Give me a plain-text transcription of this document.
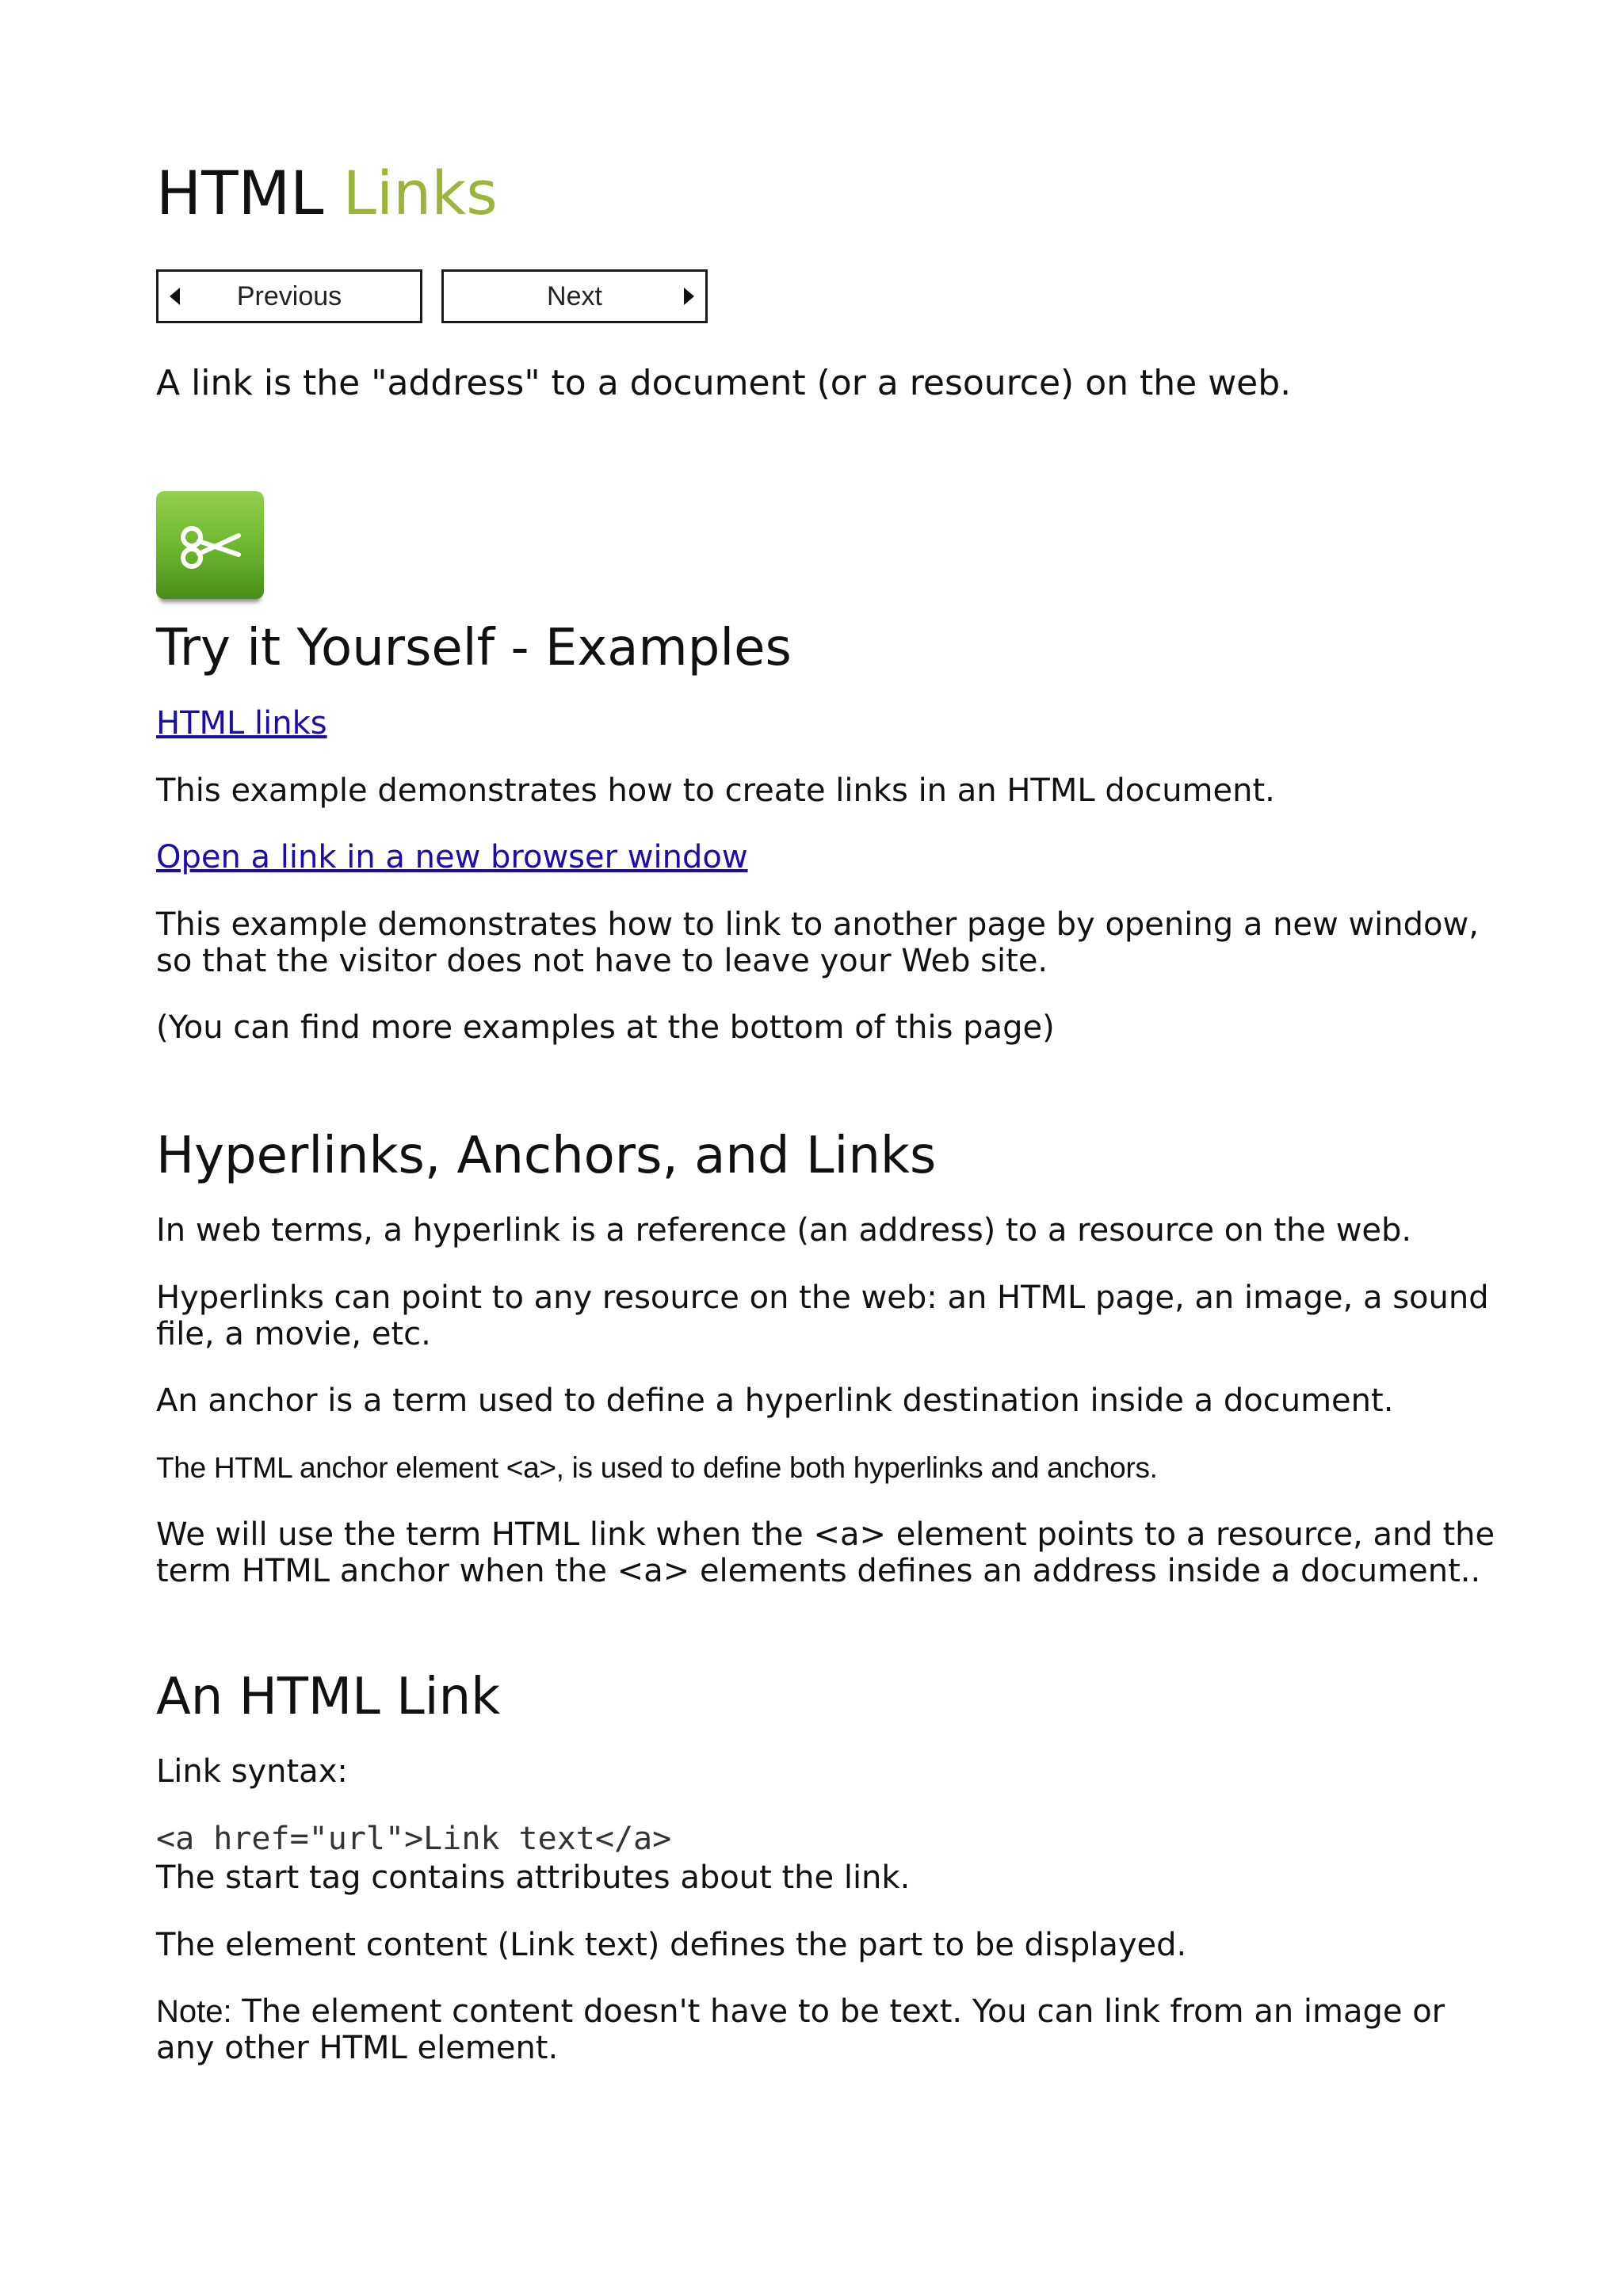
HTML Links
Previous	Next

A link is the "address" to a document (or a resource) on the web.

Try it Yourself - Examples

HTML links

This example demonstrates how to create links in an HTML document.

Open a link in a new browser window

This example demonstrates how to link to another page by opening a new window, so that the visitor does not have to leave your Web site.

(You can find more examples at the bottom of this page)

Hyperlinks, Anchors, and Links

In web terms, a hyperlink is a reference (an address) to a resource on the web.

Hyperlinks can point to any resource on the web: an HTML page, an image, a sound file, a movie, etc.

An anchor is a term used to define a hyperlink destination inside a document.

The HTML anchor element <a>, is used to define both hyperlinks and anchors.

We will use the term HTML link when the <a> element points to a resource, and the term HTML anchor when the <a> elements defines an address inside a document..

An HTML Link

Link syntax:

<a href="url">Link text</a>

The start tag contains attributes about the link.

The element content (Link text) defines the part to be displayed.

Note: The element content doesn't have to be text. You can link from an image or any other HTML element.
